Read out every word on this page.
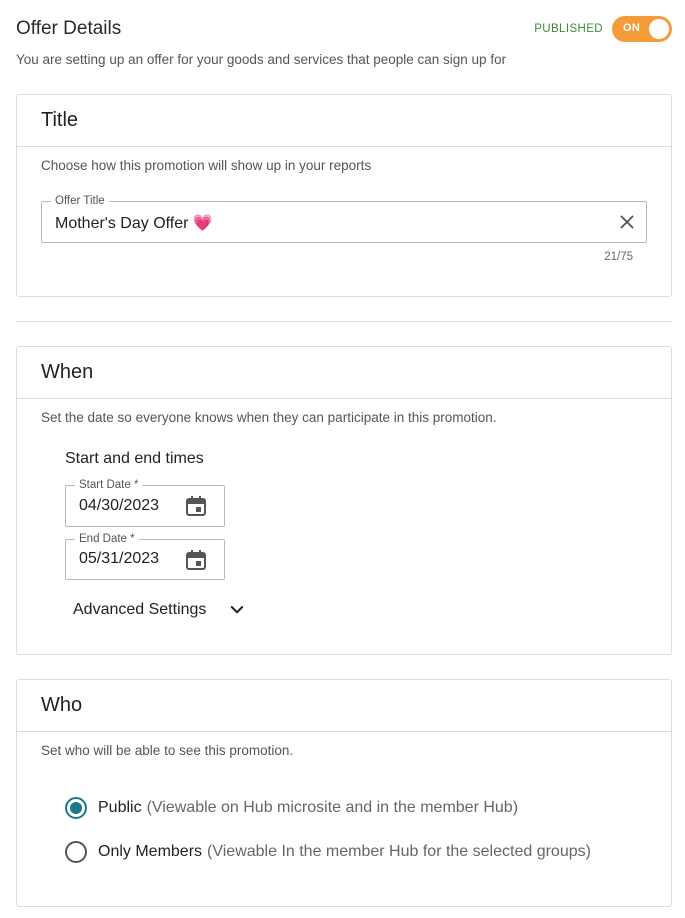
Offer Details
You are setting up an offer for your goods and services that people can sign up for
PUBLISHED ON
Title
Choose how this promotion will show up in your reports
Offer Title
Mother's Day Offer 💗
21/75
When
Set the date so everyone knows when they can participate in this promotion.
Start and end times
Start Date *
04/30/2023
End Date *
05/31/2023
Advanced Settings
Who
Set who will be able to see this promotion.
Public (Viewable on Hub microsite and in the member Hub)
Only Members (Viewable In the member Hub for the selected groups)
